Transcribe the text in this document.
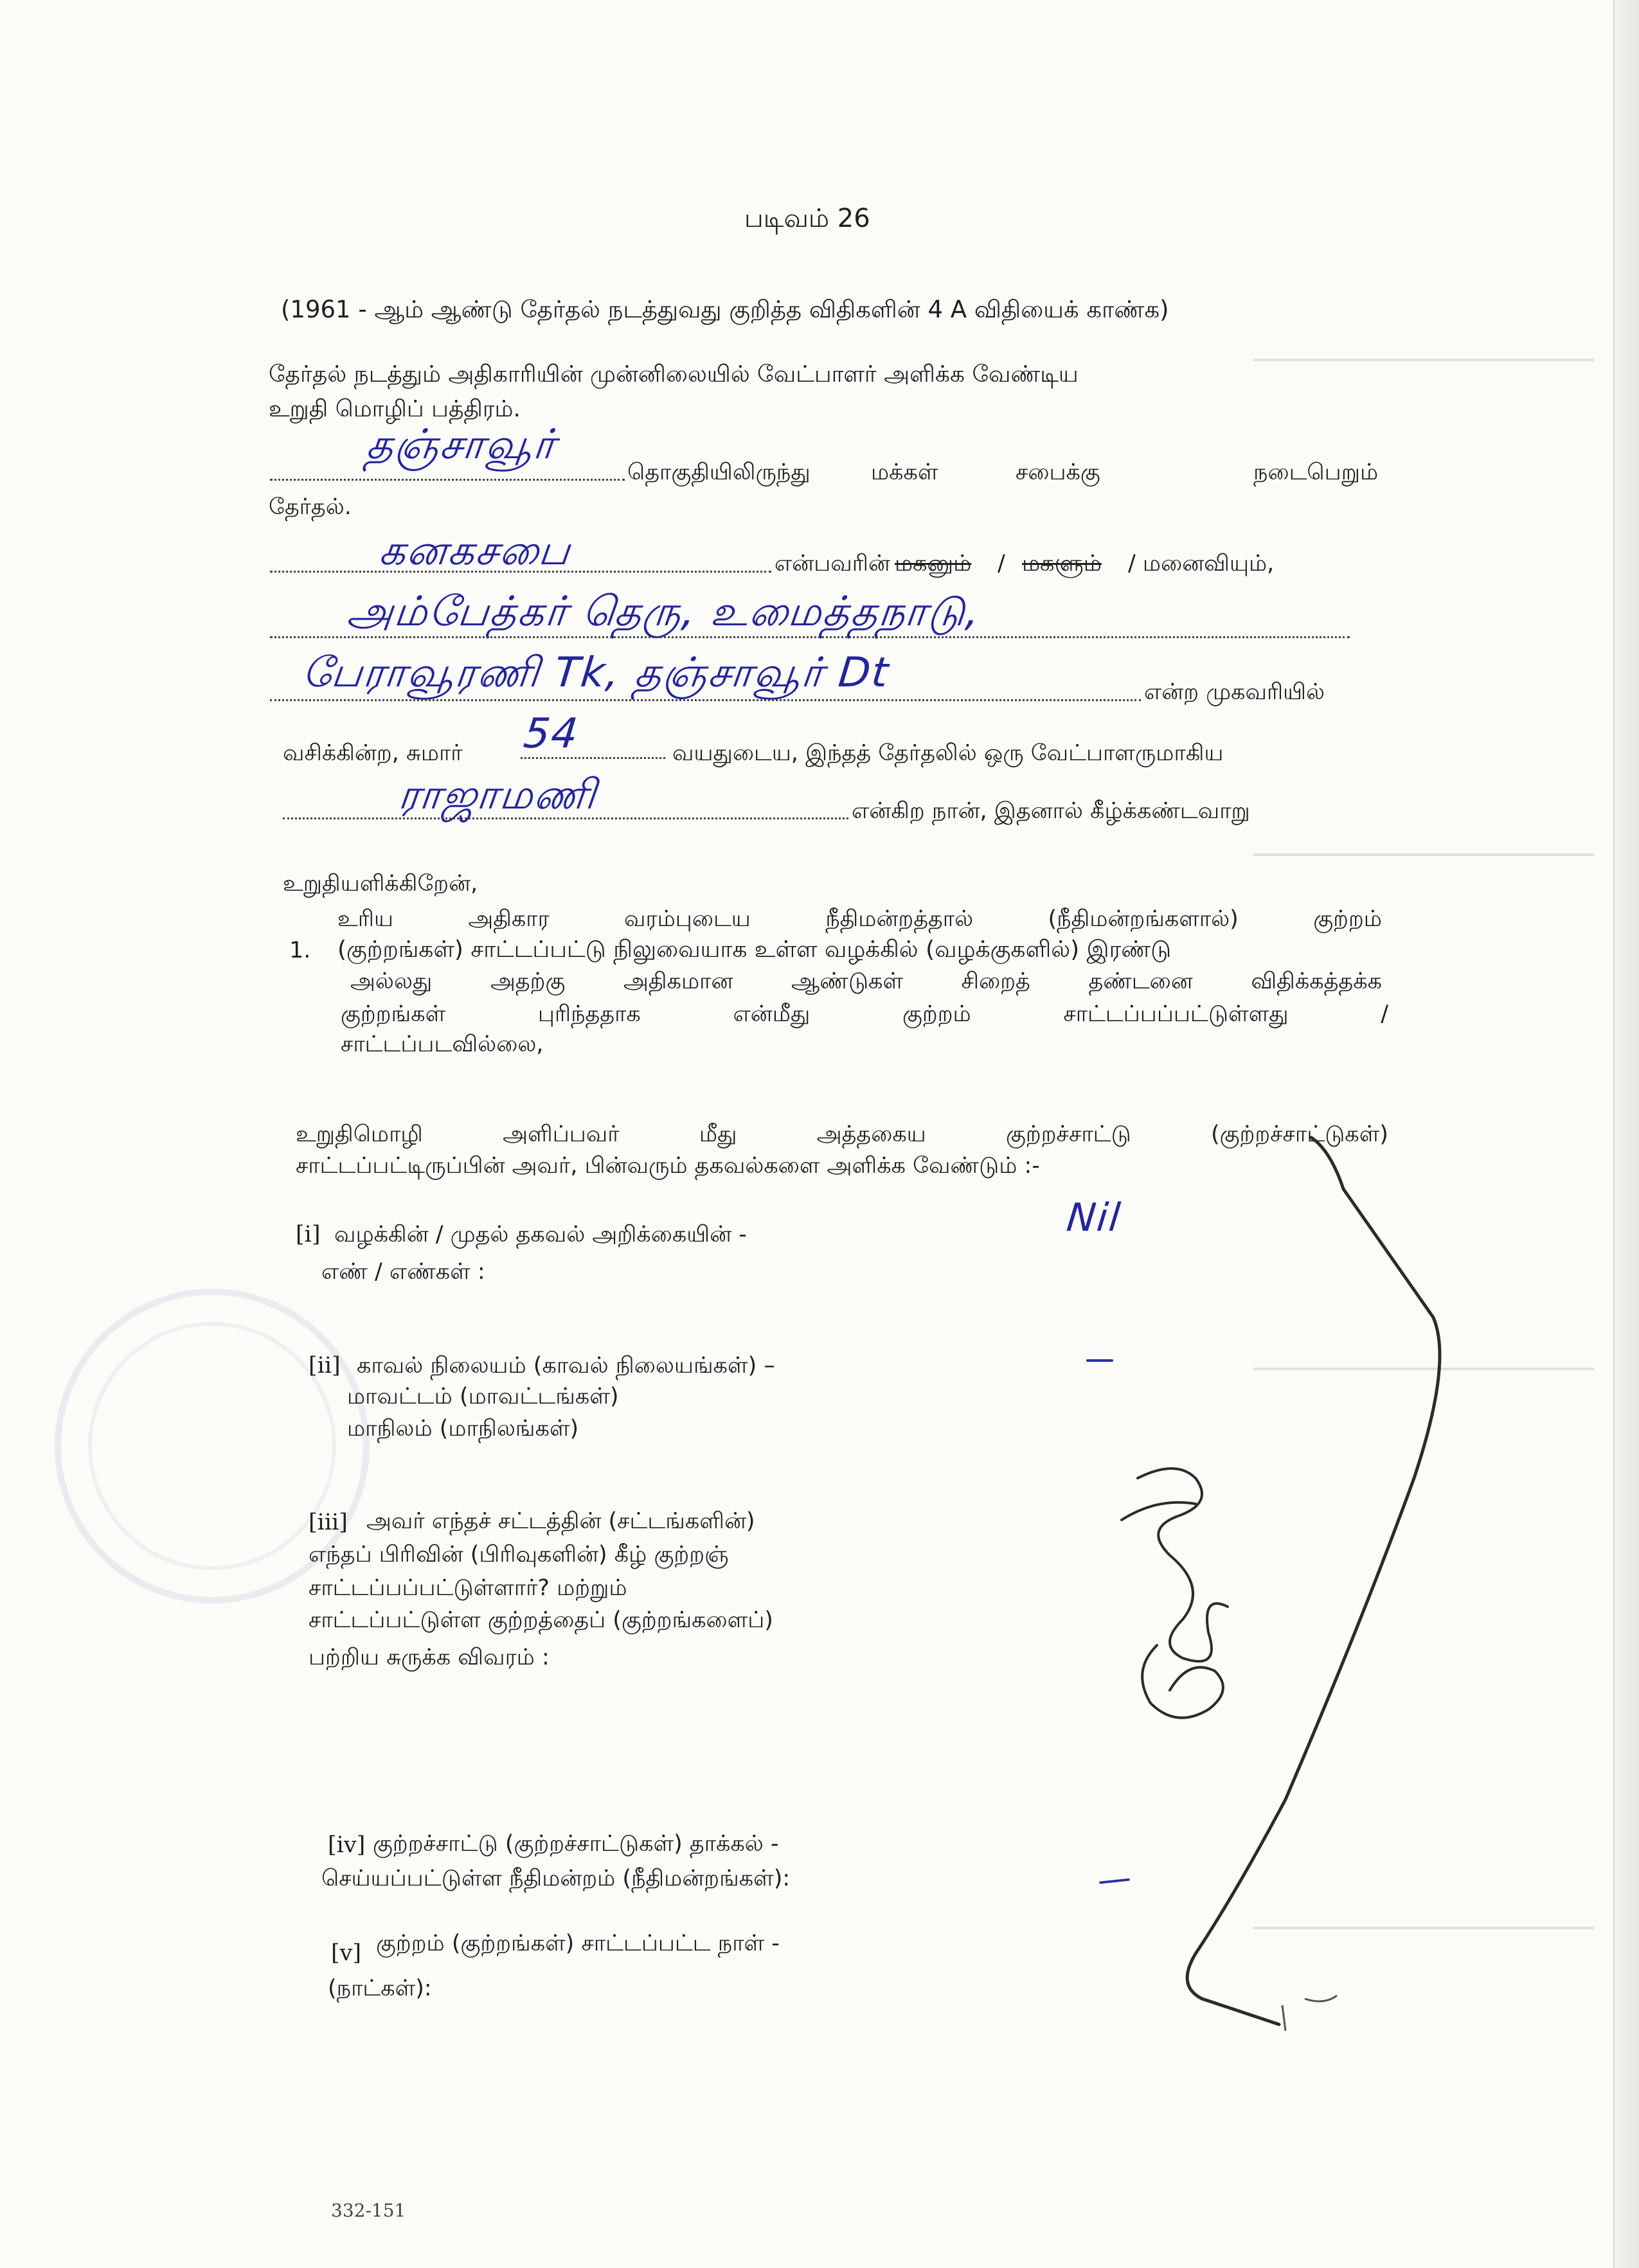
படிவம் 26
(1961 - ஆம் ஆண்டு தேர்தல் நடத்துவது குறித்த விதிகளின் 4 A விதியைக் காண்க)
தேர்தல் நடத்தும் அதிகாரியின் முன்னிலையில் வேட்பாளர் அளிக்க வேண்டிய
உறுதி மொழிப் பத்திரம்.
தஞ்சாவூர்
தொகுதியிலிருந்து	மக்கள்	சபைக்கு	நடைபெறும்
தேர்தல்.
கனகசபை	என்பவரின் மகனும் / மகளும் / மனைவியும்,
அம்பேத்கர் தெரு, உமைத்தநாடு,
பேராவூரணி Tk, தஞ்சாவூர் Dt	என்ற முகவரியில்
வசிக்கின்ற, சுமார் 54	வயதுடைய, இந்தத் தேர்தலில் ஒரு வேட்பாளருமாகிய
ராஜாமணி	என்கிற நான், இதனால் கீழ்க்கண்டவாறு
உறுதியளிக்கிறேன்,
1.
உரிய	அதிகார	வரம்புடைய	நீதிமன்றத்தால்	(நீதிமன்றங்களால்)	குற்றம்
(குற்றங்கள்) சாட்டப்பட்டு நிலுவையாக உள்ள வழக்கில் (வழக்குகளில்) இரண்டு
அல்லது	அதற்கு	அதிகமான	ஆண்டுகள்	சிறைத்	தண்டனை	விதிக்கத்தக்க
குற்றங்கள்	புரிந்ததாக	என்மீது	குற்றம்	சாட்டப்பப்பட்டுள்ளது	/
சாட்டப்படவில்லை,
உறுதிமொழி	அளிப்பவர்	மீது	அத்தகைய	குற்றச்சாட்டு	(குற்றச்சாட்டுகள்)
சாட்டப்பட்டிருப்பின் அவர், பின்வரும் தகவல்களை அளிக்க வேண்டும் :-
[i] வழக்கின் / முதல் தகவல் அறிக்கையின் -
எண் / எண்கள் :
Nil
[ii] காவல் நிலையம் (காவல் நிலையங்கள்) –
மாவட்டம் (மாவட்டங்கள்)
மாநிலம் (மாநிலங்கள்)
[iii] அவர் எந்தச் சட்டத்தின் (சட்டங்களின்)
எந்தப் பிரிவின் (பிரிவுகளின்) கீழ் குற்றஞ்
சாட்டப்பப்பட்டுள்ளார்? மற்றும்
சாட்டப்பட்டுள்ள குற்றத்தைப் (குற்றங்களைப்)
பற்றிய சுருக்க விவரம் :
[iv] குற்றச்சாட்டு (குற்றச்சாட்டுகள்) தாக்கல் -
செய்யப்பட்டுள்ள நீதிமன்றம் (நீதிமன்றங்கள்):
[v] குற்றம் (குற்றங்கள்) சாட்டப்பட்ட நாள் -
(நாட்கள்):
332-151
